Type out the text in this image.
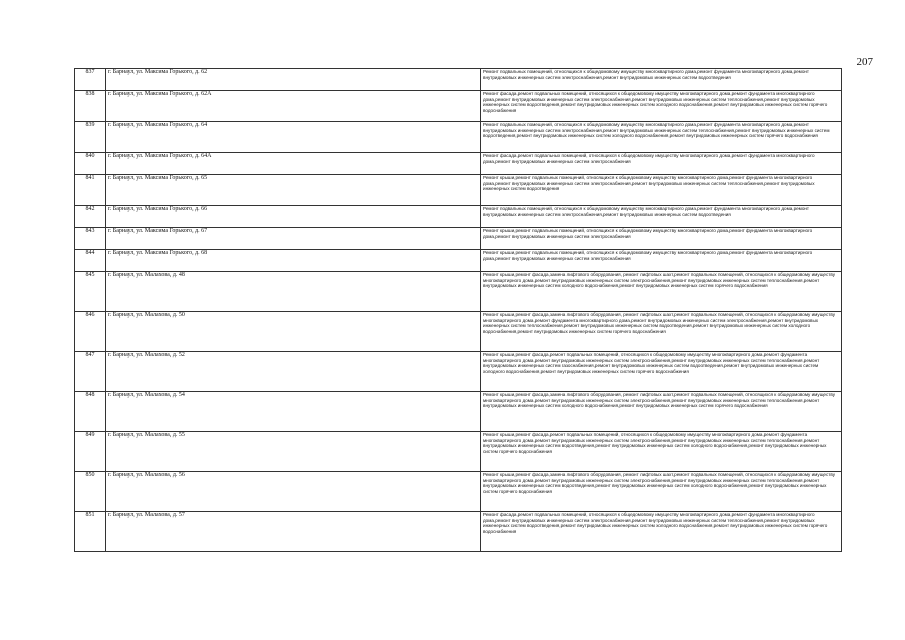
207
837	г. Барнаул, ул. Максима Горького, д. 62	Ремонт подвальных помещений, относящихся к общедомовому имуществу многоквартирного дома,ремонт фундамента многоквартирного дома,ремонт внутридомовых инженерных систем электроснабжения,ремонт внутридомовых инженерных систем водоотведения
838	г. Барнаул, ул. Максима Горького, д. 62А	Ремонт фасада,ремонт подвальных помещений, относящихся к общедомовому имуществу многоквартирного дома,ремонт фундамента многоквартирного дома,ремонт внутридомовых инженерных систем электроснабжения,ремонт внутридомовых инженерных систем теплоснабжения,ремонт внутридомовых инженерных систем водоотведения,ремонт внутридомовых инженерных систем холодного водоснабжения,ремонт внутридомовых инженерных систем горячего водоснабжения
839	г. Барнаул, ул. Максима Горького, д. 64	Ремонт подвальных помещений, относящихся к общедомовому имуществу многоквартирного дома,ремонт фундамента многоквартирного дома,ремонт внутридомовых инженерных систем электроснабжения,ремонт внутридомовых инженерных систем теплоснабжения,ремонт внутридомовых инженерных систем водоотведения,ремонт внутридомовых инженерных систем холодного водоснабжения,ремонт внутридомовых инженерных систем горячего водоснабжения
840	г. Барнаул, ул. Максима Горького, д. 64А	Ремонт фасада,ремонт подвальных помещений, относящихся к общедомовому имуществу многоквартирного дома,ремонт фундамента многоквартирного дома,ремонт внутридомовых инженерных систем электроснабжения
841	г. Барнаул, ул. Максима Горького, д. 65	Ремонт крыши,ремонт подвальных помещений, относящихся к общедомовому имуществу многоквартирного дома,ремонт фундамента многоквартирного дома,ремонт внутридомовых инженерных систем электроснабжения,ремонт внутридомовых инженерных систем теплоснабжения,ремонт внутридомовых инженерных систем водоотведения
842	г. Барнаул, ул. Максима Горького, д. 66	Ремонт подвальных помещений, относящихся к общедомовому имуществу многоквартирного дома,ремонт фундамента многоквартирного дома,ремонт внутридомовых инженерных систем электроснабжения,ремонт внутридомовых инженерных систем водоотведения
843	г. Барнаул, ул. Максима Горького, д. 67	Ремонт крыши,ремонт подвальных помещений, относящихся к общедомовому имуществу многоквартирного дома,ремонт фундамента многоквартирного дома,ремонт внутридомовых инженерных систем электроснабжения
844	г. Барнаул, ул. Максима Горького, д. 68	Ремонт крыши,ремонт подвальных помещений, относящихся к общедомовому имуществу многоквартирного дома,ремонт фундамента многоквартирного дома,ремонт внутридомовых инженерных систем электроснабжения
845	г. Барнаул, ул. Малахова, д. 48	Ремонт крыши,ремонт фасада,замена лифтового оборудования, ремонт лифтовых шахт,ремонт подвальных помещений, относящихся к общедомовому имуществу многоквартирного дома,ремонт внутридомовых инженерных систем электроснабжения,ремонт внутридомовых инженерных систем теплоснабжения,ремонт внутридомовых инженерных систем холодного водоснабжения,ремонт внутридомовых инженерных систем горячего водоснабжения
846	г. Барнаул, ул. Малахова, д. 50	Ремонт крыши,ремонт фасада,замена лифтового оборудования, ремонт лифтовых шахт,ремонт подвальных помещений, относящихся к общедомовому имуществу многоквартирного дома,ремонт фундамента многоквартирного дома,ремонт внутридомовых инженерных систем электроснабжения,ремонт внутридомовых инженерных систем теплоснабжения,ремонт внутридомовых инженерных систем водоотведения,ремонт внутридомовых инженерных систем холодного водоснабжения,ремонт внутридомовых инженерных систем горячего водоснабжения
847	г. Барнаул, ул. Малахова, д. 52	Ремонт крыши,ремонт фасада,ремонт подвальных помещений, относящихся к общедомовому имуществу многоквартирного дома,ремонт фундамента многоквартирного дома,ремонт внутридомовых инженерных систем электроснабжения,ремонт внутридомовых инженерных систем теплоснабжения,ремонт внутридомовых инженерных систем газоснабжения,ремонт внутридомовых инженерных систем водоотведения,ремонт внутридомовых инженерных систем холодного водоснабжения,ремонт внутридомовых инженерных систем горячего водоснабжения
848	г. Барнаул, ул. Малахова, д. 54	Ремонт крыши,ремонт фасада,замена лифтового оборудования, ремонт лифтовых шахт,ремонт подвальных помещений, относящихся к общедомовому имуществу многоквартирного дома,ремонт внутридомовых инженерных систем электроснабжения,ремонт внутридомовых инженерных систем теплоснабжения,ремонт внутридомовых инженерных систем холодного водоснабжения,ремонт внутридомовых инженерных систем горячего водоснабжения
849	г. Барнаул, ул. Малахова, д. 55	Ремонт крыши,ремонт фасада,ремонт подвальных помещений, относящихся к общедомовому имуществу многоквартирного дома,ремонт фундамента многоквартирного дома,ремонт внутридомовых инженерных систем электроснабжения,ремонт внутридомовых инженерных систем теплоснабжения,ремонт внутридомовых инженерных систем водоотведения,ремонт внутридомовых инженерных систем холодного водоснабжения,ремонт внутридомовых инженерных систем горячего водоснабжения
850	г. Барнаул, ул. Малахова, д. 56	Ремонт крыши,ремонт фасада,замена лифтового оборудования, ремонт лифтовых шахт,ремонт подвальных помещений, относящихся к общедомовому имуществу многоквартирного дома,ремонт внутридомовых инженерных систем электроснабжения,ремонт внутридомовых инженерных систем теплоснабжения,ремонт внутридомовых инженерных систем водоотведения,ремонт внутридомовых инженерных систем холодного водоснабжения,ремонт внутридомовых инженерных систем горячего водоснабжения
851	г. Барнаул, ул. Малахова, д. 57	Ремонт фасада,ремонт подвальных помещений, относящихся к общедомовому имуществу многоквартирного дома,ремонт фундамента многоквартирного дома,ремонт внутридомовых инженерных систем электроснабжения,ремонт внутридомовых инженерных систем теплоснабжения,ремонт внутридомовых инженерных систем водоотведения,ремонт внутридомовых инженерных систем холодного водоснабжения,ремонт внутридомовых инженерных систем горячего водоснабжения
